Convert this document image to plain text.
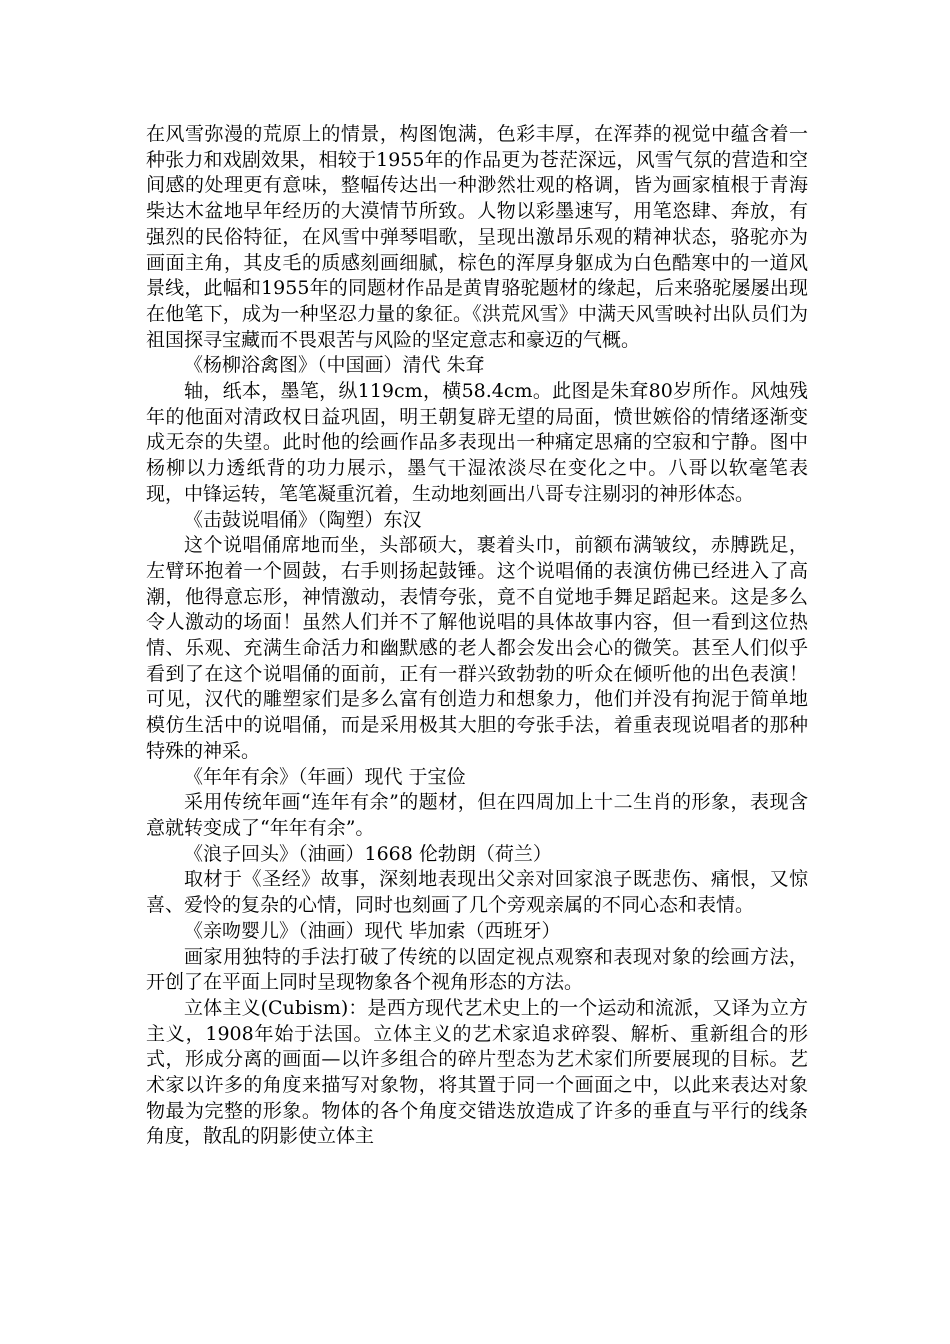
在风雪弥漫的荒原上的情景，构图饱满，色彩丰厚，在浑莽的视觉中蕴含着一种张力和戏剧效果，相较于1955年的作品更为苍茫深远，风雪气氛的营造和空间感的处理更有意味，整幅传达出一种渺然壮观的格调，皆为画家植根于青海柴达木盆地早年经历的大漠情节所致。人物以彩墨速写，用笔恣肆、奔放，有强烈的民俗特征，在风雪中弹琴唱歌，呈现出激昂乐观的精神状态，骆驼亦为画面主角，其皮毛的质感刻画细腻，棕色的浑厚身躯成为白色酷寒中的一道风景线，此幅和1955年的同题材作品是黄胄骆驼题材的缘起，后来骆驼屡屡出现在他笔下，成为一种坚忍力量的象征。《洪荒风雪》中满天风雪映衬出队员们为祖国探寻宝藏而不畏艰苦与风险的坚定意志和豪迈的气概。

《杨柳浴禽图》（中国画）清代 朱耷

轴，纸本，墨笔，纵119cm，横58.4cm。此图是朱耷80岁所作。风烛残年的他面对清政权日益巩固，明王朝复辟无望的局面，愤世嫉俗的情绪逐渐变成无奈的失望。此时他的绘画作品多表现出一种痛定思痛的空寂和宁静。图中杨柳以力透纸背的功力展示，墨气干湿浓淡尽在变化之中。八哥以软毫笔表现，中锋运转，笔笔凝重沉着，生动地刻画出八哥专注剔羽的神形体态。

《击鼓说唱俑》（陶塑）东汉

这个说唱俑席地而坐，头部硕大，裹着头巾，前额布满皱纹，赤膊跣足，左臂环抱着一个圆鼓，右手则扬起鼓锤。这个说唱俑的表演仿佛已经进入了高潮，他得意忘形，神情激动，表情夸张，竟不自觉地手舞足蹈起来。这是多么令人激动的场面！虽然人们并不了解他说唱的具体故事内容，但一看到这位热情、乐观、充满生命活力和幽默感的老人都会发出会心的微笑。甚至人们似乎看到了在这个说唱俑的面前，正有一群兴致勃勃的听众在倾听他的出色表演！可见，汉代的雕塑家们是多么富有创造力和想象力，他们并没有拘泥于简单地模仿生活中的说唱俑，而是采用极其大胆的夸张手法，着重表现说唱者的那种特殊的神采。

《年年有余》（年画）现代 于宝俭

采用传统年画“连年有余”的题材，但在四周加上十二生肖的形象，表现含意就转变成了“年年有余”。

《浪子回头》（油画）1668 伦勃朗（荷兰）

取材于《圣经》故事，深刻地表现出父亲对回家浪子既悲伤、痛恨，又惊喜、爱怜的复杂的心情，同时也刻画了几个旁观亲属的不同心态和表情。

《亲吻婴儿》（油画）现代 毕加索（西班牙）

画家用独特的手法打破了传统的以固定视点观察和表现对象的绘画方法，开创了在平面上同时呈现物象各个视角形态的方法。

立体主义(Cubism)：是西方现代艺术史上的一个运动和流派，又译为立方主义，1908年始于法国。立体主义的艺术家追求碎裂、解析、重新组合的形式，形成分离的画面—以许多组合的碎片型态为艺术家们所要展现的目标。艺术家以许多的角度来描写对象物，将其置于同一个画面之中，以此来表达对象物最为完整的形象。物体的各个角度交错迭放造成了许多的垂直与平行的线条角度，散乱的阴影使立体主
